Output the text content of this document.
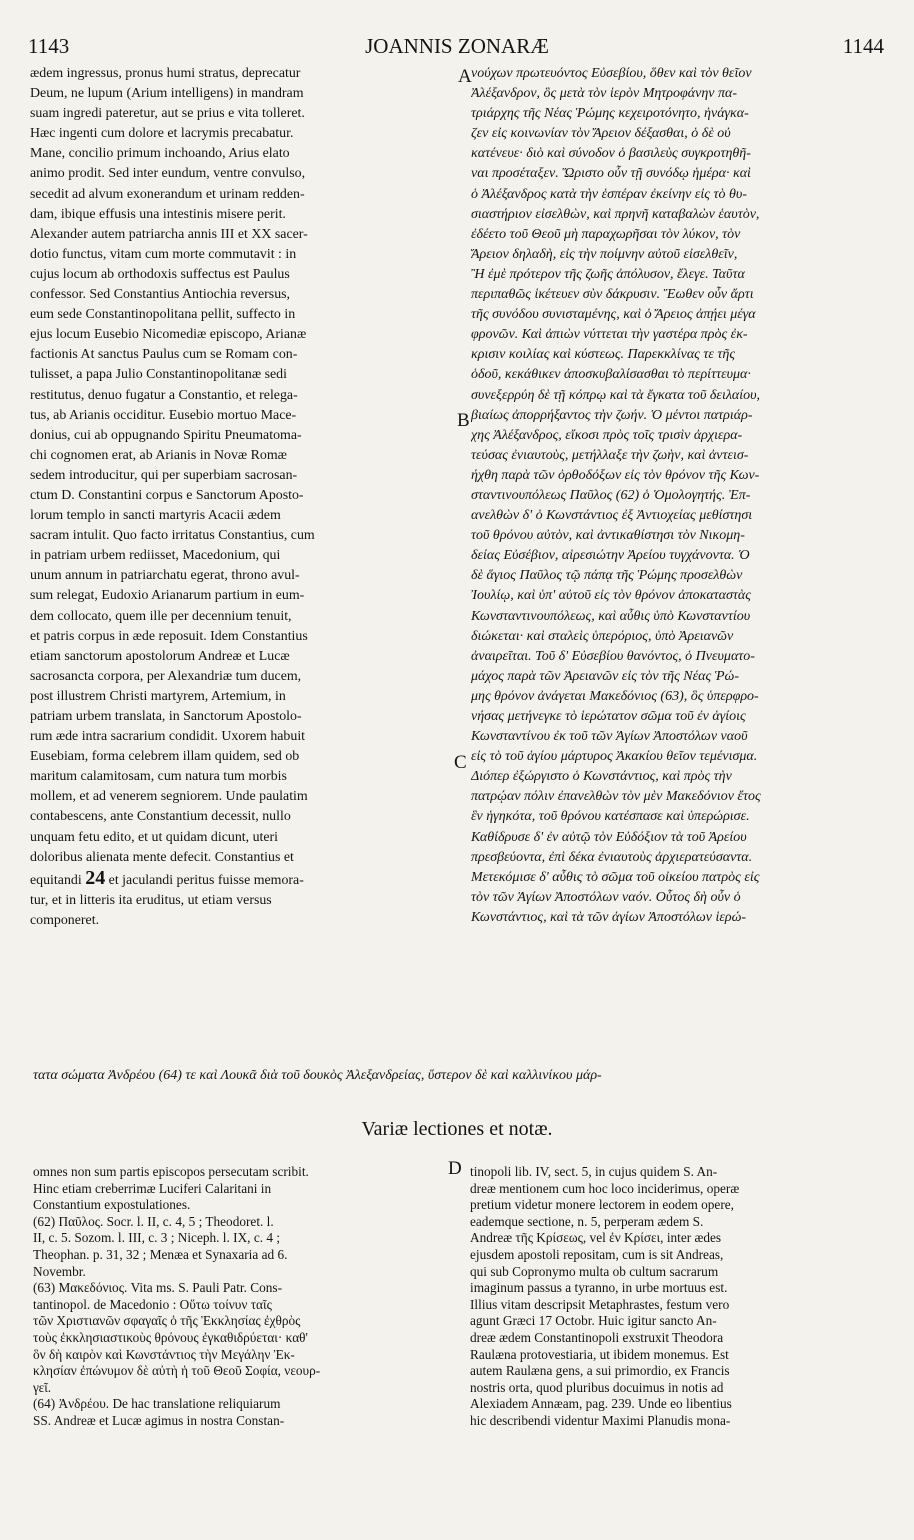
1143	JOANNIS ZONARÆ	1144
ædem ingressus, pronus humi stratus, deprecatur
Deum, ne lupum (Arium intelligens) in mandram
suam ingredi pateretur, aut se prius e vita tolleret.
Hæc ingenti cum dolore et lacrymis precabatur.
Mane, concilio primum inchoando, Arius elato
animo prodit. Sed inter eundum, ventre convulso,
secedit ad alvum exonerandum et urinam redden-
dam, ibique effusis una intestinis misere perit.
Alexander autem patriarcha annis III et XX sacer-
dotio functus, vitam cum morte commutavit : in
cujus locum ab orthodoxis suffectus est Paulus
confessor. Sed Constantius Antiochia reversus,
eum sede Constantinopolitana pellit, suffecto in
ejus locum Eusebio Nicomediæ episcopo, Arianæ
factionis At sanctus Paulus cum se Romam con-
tulisset, a papa Julio Constantinopolitanæ sedi
restitutus, denuo fugatur a Constantio, et relega-
tus, ab Arianis occiditur. Eusebio mortuo Mace-
donius, cui ab oppugnando Spiritu Pneumatoma-
chi cognomen erat, ab Arianis in Novæ Romæ
sedem introducitur, qui per superbiam sacrosan-
ctum D. Constantini corpus e Sanctorum Aposto-
lorum templo in sancti martyris Acacii ædem
sacram intulit. Quo facto irritatus Constantius, cum
in patriam urbem rediisset, Macedonium, qui
unum annum in patriarchatu egerat, throno avul-
sum relegat, Eudoxio Arianarum partium in eum-
dem collocato, quem ille per decennium tenuit,
et patris corpus in æde reposuit. Idem Constantius
etiam sanctorum apostolorum Andreæ et Lucæ
sacrosancta corpora, per Alexandriæ tum ducem,
post illustrem Christi martyrem, Artemium, in
patriam urbem translata, in Sanctorum Apostolo-
rum æde intra sacrarium condidit. Uxorem habuit
Eusebiam, forma celebrem illam quidem, sed ob
maritum calamitosam, cum natura tum morbis
mollem, et ad venerem segniorem. Unde paulatim
contabescens, ante Constantium decessit, nullo
unquam fetu edito, et ut quidam dicunt, uteri
doloribus alienata mente defecit. Constantius et
equitandi 24 et jaculandi peritus fuisse memora-
tur, et in litteris ita eruditus, ut etiam versus
componeret.
νούχων πρωτευόντος Εὐσεβίου, ὅθεν καὶ τὸν θεῖον
Ἀλέξανδρον, ὃς μετὰ τὸν ἱερὸν Μητροφάνην πα-
τριάρχης τῆς Νέας Ῥώμης κεχειροτόνητο, ἠνάγκα-
ζεν εἰς κοινωνίαν τὸν Ἄρειον δέξασθαι, ὁ δὲ οὐ
κατένευε· διὸ καὶ σύνοδον ὁ βασιλεὺς συγκροτηθῆ-
ναι προσέταξεν. Ὥριστο οὖν τῇ συνόδῳ ἡμέρα· καὶ
ὁ Ἀλέξανδρος κατὰ τὴν ἑσπέραν ἐκείνην εἰς τὸ θυ-
σιαστήριον εἰσελθὼν, καὶ πρηνῆ καταβαλὼν ἑαυτὸν,
ἐδέετο τοῦ Θεοῦ μὴ παραχωρῆσαι τὸν λύκον, τὸν
Ἄρειον δηλαδὴ, εἰς τὴν ποίμνην αὐτοῦ εἰσελθεῖν,
Ἢ ἐμὲ πρότερον τῆς ζωῆς ἀπόλυσον, ἔλεγε. Ταῦτα
περιπαθῶς ἱκέτευεν σὺν δάκρυσιν. Ἕωθεν οὖν ἄρτι
τῆς συνόδου συνισταμένης, καὶ ὁ Ἄρειος ἀπῄει μέγα
φρονῶν. Καὶ ἀπιὼν νύττεται τὴν γαστέρα πρὸς ἐκ-
κρισιν κοιλίας καὶ κύστεως. Παρεκκλίνας τε τῆς
ὁδοῦ, κεκάθικεν ἀποσκυβαλίσασθαι τὸ περίττευμα·
συνεξερρύη δὲ τῇ κόπρῳ καὶ τὰ ἔγκατα τοῦ δειλαίου,
βιαίως ἀπορρήξαντος τὴν ζωήν. Ὁ μέντοι πατριάρ-
χης Ἀλέξανδρος, εἴκοσι πρὸς τοῖς τρισὶν ἀρχιερα-
τεύσας ἐνιαυτοὺς, μετήλλαξε τὴν ζωὴν, καὶ ἀντεισ-
ήχθη παρὰ τῶν ὀρθοδόξων εἰς τὸν θρόνον τῆς Κων-
σταντινουπόλεως Παῦλος (62) ὁ Ὁμολογητής. Ἐπ-
ανελθὼν δ' ὁ Κωνστάντιος ἐξ Ἀντιοχείας μεθίστησι
τοῦ θρόνου αὐτὸν, καὶ ἀντικαθίστησι τὸν Νικομη-
δείας Εὐσέβιον, αἱρεσιώτην Ἀρείου τυγχάνοντα. Ὁ
δὲ ἅγιος Παῦλος τῷ πάπᾳ τῆς Ῥώμης προσελθὼν
Ἰουλίῳ, καὶ ὑπ' αὐτοῦ εἰς τὸν θρόνον ἀποκαταστὰς
Κωνσταντινουπόλεως, καὶ αὖθις ὑπὸ Κωνσταντίου
διώκεται· καὶ σταλεὶς ὑπερόριος, ὑπὸ Ἀρειανῶν
ἀναιρεῖται. Τοῦ δ' Εὐσεβίου θανόντος, ὁ Πνευματο-
μάχος παρὰ τῶν Ἀρειανῶν εἰς τὸν τῆς Νέας Ῥώ-
μης θρόνον ἀνάγεται Μακεδόνιος (63), ὃς ὑπερφρο-
νήσας μετήνεγκε τὸ ἱερώτατον σῶμα τοῦ ἐν ἁγίοις
Κωνσταντίνου ἐκ τοῦ τῶν Ἁγίων Ἀποστόλων ναοῦ
εἰς τὸ τοῦ ἁγίου μάρτυρος Ἀκακίου θεῖον τεμένισμα.
Διόπερ ἐξώργιστο ὁ Κωνστάντιος, καὶ πρὸς τὴν
πατρῴαν πόλιν ἐπανελθὼν τὸν μὲν Μακεδόνιον ἔτος
ἓν ἡγηκότα, τοῦ θρόνου κατέσπασε καὶ ὑπερώρισε.
Καθίδρυσε δ' ἐν αὐτῷ τὸν Εὐδόξιον τὰ τοῦ Ἀρείου
πρεσβεύοντα, ἐπὶ δέκα ἐνιαυτοὺς ἀρχιερατεύσαντα.
Μετεκόμισε δ' αὖθις τὸ σῶμα τοῦ οἰκείου πατρὸς εἰς
τὸν τῶν Ἁγίων Ἀποστόλων ναόν. Οὗτος δὴ οὖν ὁ
Κωνστάντιος, καὶ τὰ τῶν ἁγίων Ἀποστόλων ἱερώ-
A
B
C
τατα σώματα Ἀνδρέου (64) τε καὶ Λουκᾶ διὰ τοῦ δουκὸς Ἀλεξανδρείας, ὕστερον δὲ καὶ καλλινίκου μάρ-
Variæ lectiones et notæ.
omnes non sum partis episcopos persecutam scribit.
Hinc etiam creberrimæ Luciferi Calaritani in
Constantium expostulationes.
(62) Παῦλος. Socr. l. II, c. 4, 5 ; Theodoret. l.
II, c. 5. Sozom. l. III, c. 3 ; Niceph. l. IX, c. 4 ;
Theophan. p. 31, 32 ; Menæa et Synaxaria ad 6.
Novembr.
(63) Μακεδόνιος. Vita ms. S. Pauli Patr. Cons-
tantinopol. de Macedonio : Οὕτω τοίνυν ταῖς
τῶν Χριστιανῶν σφαγαῖς ὁ τῆς Ἐκκλησίας ἐχθρὸς
τοὺς ἐκκλησιαστικοὺς θρόνους ἐγκαθιδρύεται· καθ'
ὃν δὴ καιρὸν καὶ Κωνστάντιος τὴν Μεγάλην Ἐκ-
κλησίαν ἐπώνυμον δὲ αὐτὴ ἡ τοῦ Θεοῦ Σοφία, νεουρ-
γεῖ.
(64) Ἀνδρέου. De hac translatione reliquiarum
SS. Andreæ et Lucæ agimus in nostra Constan-
D tinopoli lib. IV, sect. 5, in cujus quidem S. An-
dreæ mentionem cum hoc loco inciderimus, operæ
pretium videtur monere lectorem in eodem opere,
eademque sectione, n. 5, perperam ædem S.
Andreæ τῆς Κρίσεως, vel ἐν Κρίσει, inter ædes
ejusdem apostoli repositam, cum is sit Andreas,
qui sub Copronymo multa ob cultum sacrarum
imaginum passus a tyranno, in urbe mortuus est.
Illius vitam descripsit Metaphrastes, festum vero
agunt Græci 17 Octobr. Huic igitur sancto An-
dreæ ædem Constantinopoli exstruxit Theodora
Raulæna protovestiaria, ut ibidem monemus. Est
autem Raulæna gens, a sui primordio, ex Francis
nostris orta, quod pluribus docuimus in notis ad
Alexiadem Annæam, pag. 239. Unde eo libentius
hic describendi videntur Maximi Planudis mona-
